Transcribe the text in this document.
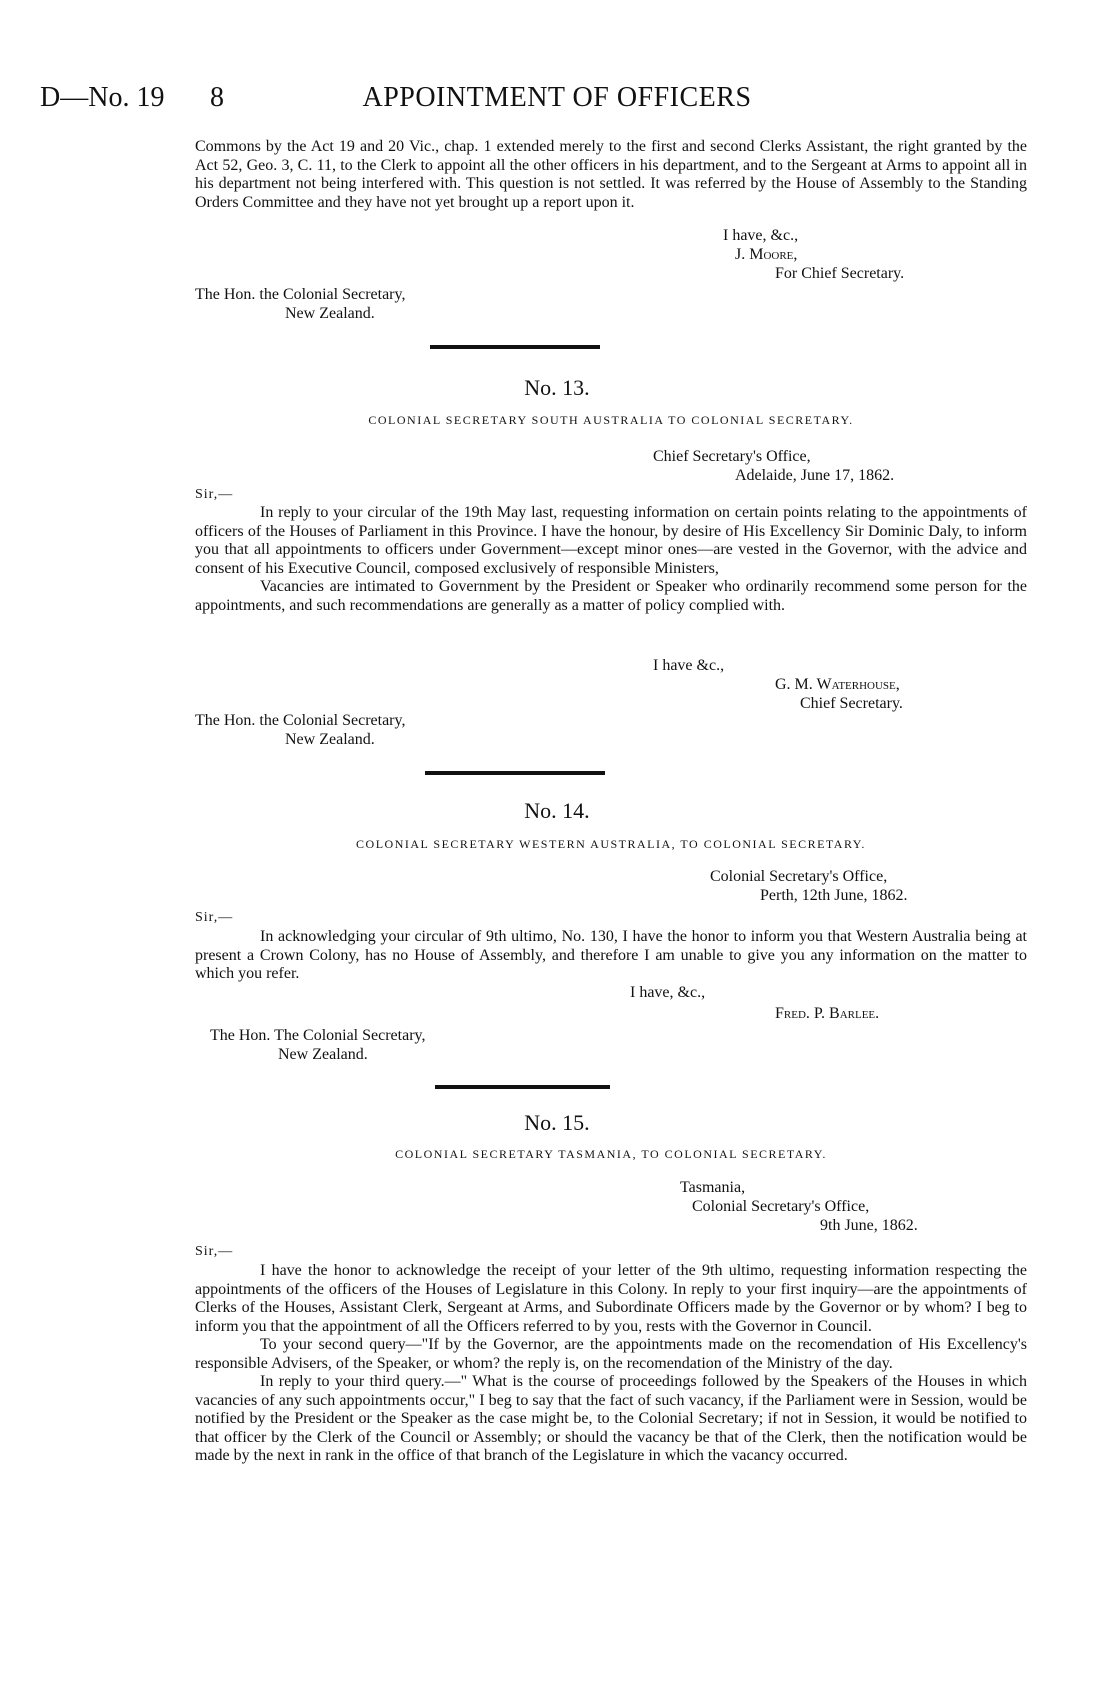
D—No. 19 8	APPOINTMENT OF OFFICERS

Commons by the Act 19 and 20 Vic., chap. 1 extended merely to the first and second Clerks Assistant, the right granted by the Act 52, Geo. 3, C. 11, to the Clerk to appoint all the other officers in his department, and to the Sergeant at Arms to appoint all in his department not being interfered with. This question is not settled. It was referred by the House of Assembly to the Standing Orders Committee and they have not yet brought up a report upon it.

I have, &c.,
J. Moore,
For Chief Secretary.
The Hon. the Colonial Secretary,
New Zealand.
No. 13.
COLONIAL SECRETARY SOUTH AUSTRALIA TO COLONIAL SECRETARY.
Chief Secretary's Office,
Adelaide, June 17, 1862.
Sir,—

In reply to your circular of the 19th May last, requesting information on certain points relating to the appointments of officers of the Houses of Parliament in this Province. I have the honour, by desire of His Excellency Sir Dominic Daly, to inform you that all appointments to officers under Government—except minor ones—are vested in the Governor, with the advice and consent of his Executive Council, composed exclusively of responsible Ministers,

Vacancies are intimated to Government by the President or Speaker who ordinarily recommend some person for the appointments, and such recommendations are generally as a matter of policy complied with.

I have &c.,
G. M. Waterhouse,
Chief Secretary.
The Hon. the Colonial Secretary,
New Zealand.
No. 14.
COLONIAL SECRETARY WESTERN AUSTRALIA, TO COLONIAL SECRETARY.
Colonial Secretary's Office,
Perth, 12th June, 1862.
Sir,—

In acknowledging your circular of 9th ultimo, No. 130, I have the honor to inform you that Western Australia being at present a Crown Colony, has no House of Assembly, and therefore I am unable to give you any information on the matter to which you refer.

I have, &c.,
Fred. P. Barlee.
The Hon. The Colonial Secretary,
New Zealand.
No. 15.
COLONIAL SECRETARY TASMANIA, TO COLONIAL SECRETARY.
Tasmania,
Colonial Secretary's Office,
9th June, 1862.
Sir,—

I have the honor to acknowledge the receipt of your letter of the 9th ultimo, requesting information respecting the appointments of the officers of the Houses of Legislature in this Colony. In reply to your first inquiry—are the appointments of Clerks of the Houses, Assistant Clerk, Sergeant at Arms, and Subordinate Officers made by the Governor or by whom? I beg to inform you that the appointment of all the Officers referred to by you, rests with the Governor in Council.

To your second query—"If by the Governor, are the appointments made on the recomendation of His Excellency's responsible Advisers, of the Speaker, or whom? the reply is, on the recomendation of the Ministry of the day.

In reply to your third query.—" What is the course of proceedings followed by the Speakers of the Houses in which vacancies of any such appointments occur," I beg to say that the fact of such vacancy, if the Parliament were in Session, would be notified by the President or the Speaker as the case might be, to the Colonial Secretary; if not in Session, it would be notified to that officer by the Clerk of the Council or Assembly; or should the vacancy be that of the Clerk, then the notification would be made by the next in rank in the office of that branch of the Legislature in which the vacancy occurred.
